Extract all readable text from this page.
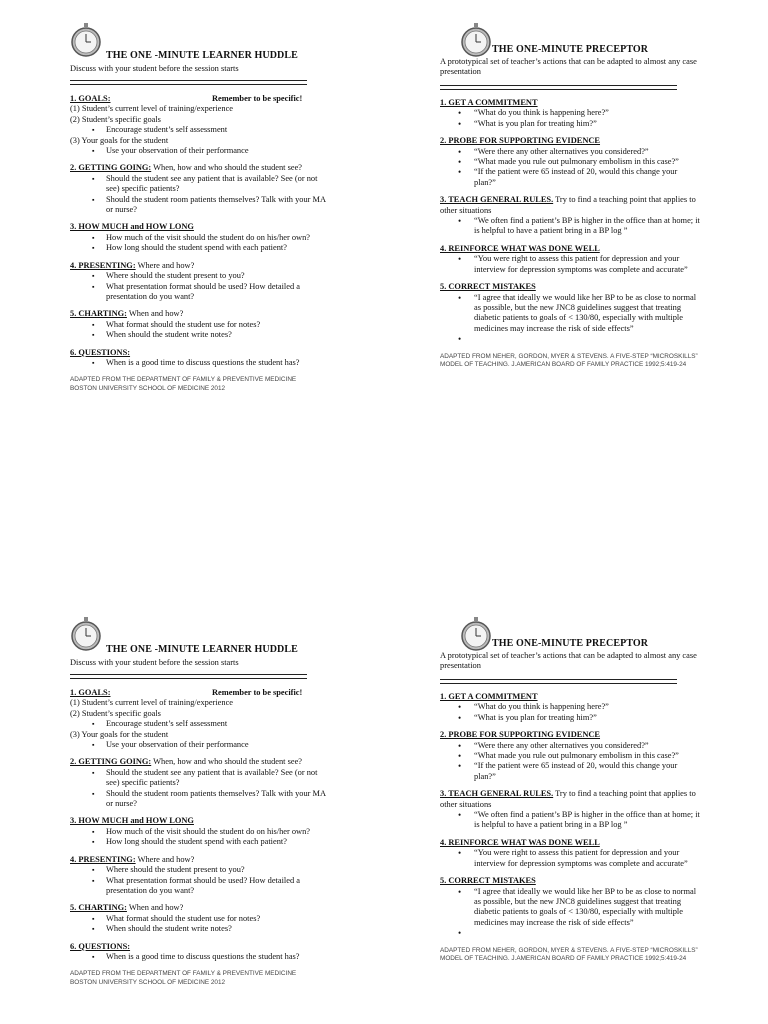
THE ONE -MINUTE LEARNER HUDDLE
Discuss with your student before the session starts
1. GOALS:	Remember to be specific!
(1) Student’s current level of training/experience
(2) Student’s specific goals
▪ Encourage student’s self assessment
(3) Your goals for the student
▪ Use your observation of their performance
2. GETTING GOING: When, how and who should the student see?
▪ Should the student see any patient that is available? See (or not see) specific patients?
▪ Should the student room patients themselves? Talk with your MA or nurse?
3. HOW MUCH and HOW LONG
▪ How much of the visit should the student do on his/her own?
▪ How long should the student spend with each patient?
4. PRESENTING: Where and how?
▪ Where should the student present to you?
▪ What presentation format should be used? How detailed a presentation do you want?
5. CHARTING: When and how?
▪ What format should the student use for notes?
▪ When should the student write notes?
6. QUESTIONS:
▪ When is a good time to discuss questions the student has?
ADAPTED FROM THE DEPARTMENT OF FAMILY & PREVENTIVE MEDICINE
BOSTON UNIVERSITY SCHOOL OF MEDICINE 2012
THE ONE-MINUTE PRECEPTOR
A prototypical set of teacher’s actions that can be adapted to almost any case presentation
1. GET A COMMITMENT
• “What do you think is happening here?”
• “What is you plan for treating him?”
2. PROBE FOR SUPPORTING EVIDENCE
• “Were there any other alternatives you considered?”
• “What made you rule out pulmonary embolism in this case?”
• “If the patient were 65 instead of 20, would this change your plan?”
3. TEACH GENERAL RULES. Try to find a teaching point that applies to other situations
• “We often find a patient’s BP is higher in the office than at home; it is helpful to have a patient bring in a BP log ”
4. REINFORCE WHAT WAS DONE WELL
• “You were right to assess this patient for depression and your interview for depression symptoms was complete and accurate”
5. CORRECT MISTAKES
• “I agree that ideally we would like her BP to be as close to normal as possible, but the new JNC8 guidelines suggest that treating diabetic patients to goals of < 130/80, especially with multiple medicines may increase the risk of side effects”
•
ADAPTED FROM NEHER, GORDON, MYER & STEVENS. A FIVE-STEP “MICROSKILLS” MODEL OF TEACHING. J.AMERICAN BOARD OF FAMILY PRACTICE 1992;5:419-24
THE ONE -MINUTE LEARNER HUDDLE
Discuss with your student before the session starts
1. GOALS:	Remember to be specific!
(1) Student’s current level of training/experience
(2) Student’s specific goals
▪ Encourage student’s self assessment
(3) Your goals for the student
▪ Use your observation of their performance
2. GETTING GOING: When, how and who should the student see?
▪ Should the student see any patient that is available? See (or not see) specific patients?
▪ Should the student room patients themselves? Talk with your MA or nurse?
3. HOW MUCH and HOW LONG
▪ How much of the visit should the student do on his/her own?
▪ How long should the student spend with each patient?
4. PRESENTING: Where and how?
▪ Where should the student present to you?
▪ What presentation format should be used? How detailed a presentation do you want?
5. CHARTING: When and how?
▪ What format should the student use for notes?
▪ When should the student write notes?
6. QUESTIONS:
▪ When is a good time to discuss questions the student has?
ADAPTED FROM THE DEPARTMENT OF FAMILY & PREVENTIVE MEDICINE
BOSTON UNIVERSITY SCHOOL OF MEDICINE 2012
THE ONE-MINUTE PRECEPTOR
A prototypical set of teacher’s actions that can be adapted to almost any case presentation
1. GET A COMMITMENT
• “What do you think is happening here?”
• “What is you plan for treating him?”
2. PROBE FOR SUPPORTING EVIDENCE
• “Were there any other alternatives you considered?”
• “What made you rule out pulmonary embolism in this case?”
• “If the patient were 65 instead of 20, would this change your plan?”
3. TEACH GENERAL RULES. Try to find a teaching point that applies to other situations
• “We often find a patient’s BP is higher in the office than at home; it is helpful to have a patient bring in a BP log ”
4. REINFORCE WHAT WAS DONE WELL
• “You were right to assess this patient for depression and your interview for depression symptoms was complete and accurate”
5. CORRECT MISTAKES
• “I agree that ideally we would like her BP to be as close to normal as possible, but the new JNC8 guidelines suggest that treating diabetic patients to goals of < 130/80, especially with multiple medicines may increase the risk of side effects”
•
ADAPTED FROM NEHER, GORDON, MYER & STEVENS. A FIVE-STEP “MICROSKILLS” MODEL OF TEACHING. J.AMERICAN BOARD OF FAMILY PRACTICE 1992;5:419-24
